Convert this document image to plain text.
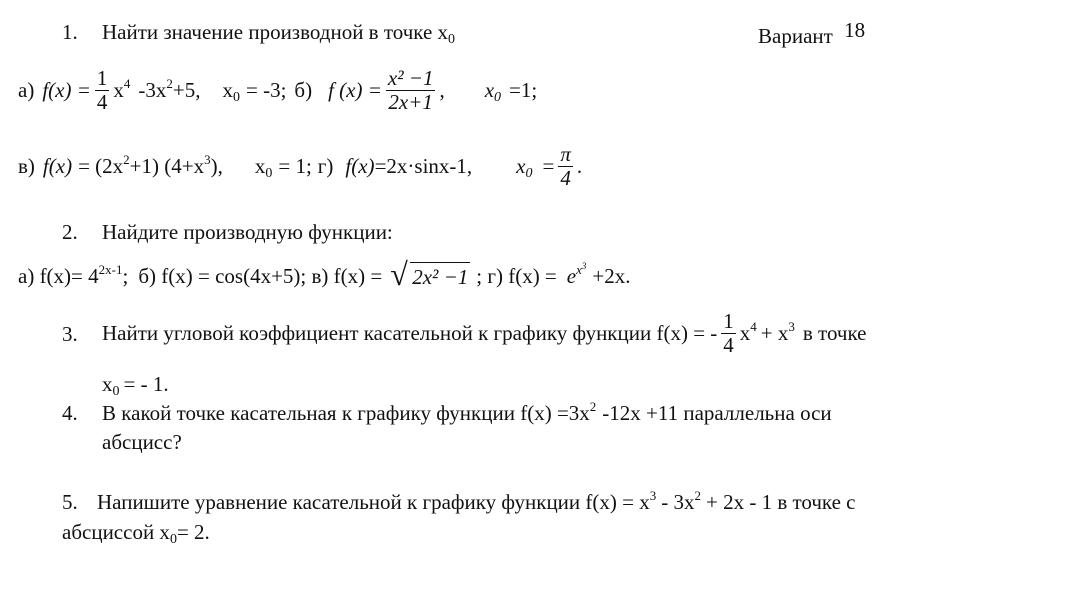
1. Найти значение производной в точке $x_0$	Вариант 18
а) $f(x) = \frac{1}{4} x^4$ $-3x^2 +5$, $x_0 = -3$; б) f $(x) = \frac{\text{x² −1}}{2x+1}$ , $x_0 =1$;
в) $f(x) = (2x^2+1)$ $(4+x^3)$, $x_0 = 1$; г) f(x) =2x·sinx-1, $x_0 = \frac{\pi}{4}$ .
2. Найдите производную функции:
а) $f(x)= 4^{2x-1}$; б) f(x) = cos(4x+5); в) f(x) = √ 2x² −1 ; г) $f(x) = e^{x^3} +2x$.
3. Найти угловой коэффициент касательной к графику функции f(x) = - $\frac{1}{4} x^4 + x^3$ в точке
$x_0$ = - 1.
4. В какой точке касательная к графику функции $f(x) =3x^2$ -12x +11 параллельна оси
абсцисс?
5. Напишите уравнение касательной к графику функции $f(x) = x^3 - 3x^2 + 2x - 1$ в точке с
абсциссой $x_0= 2$.
